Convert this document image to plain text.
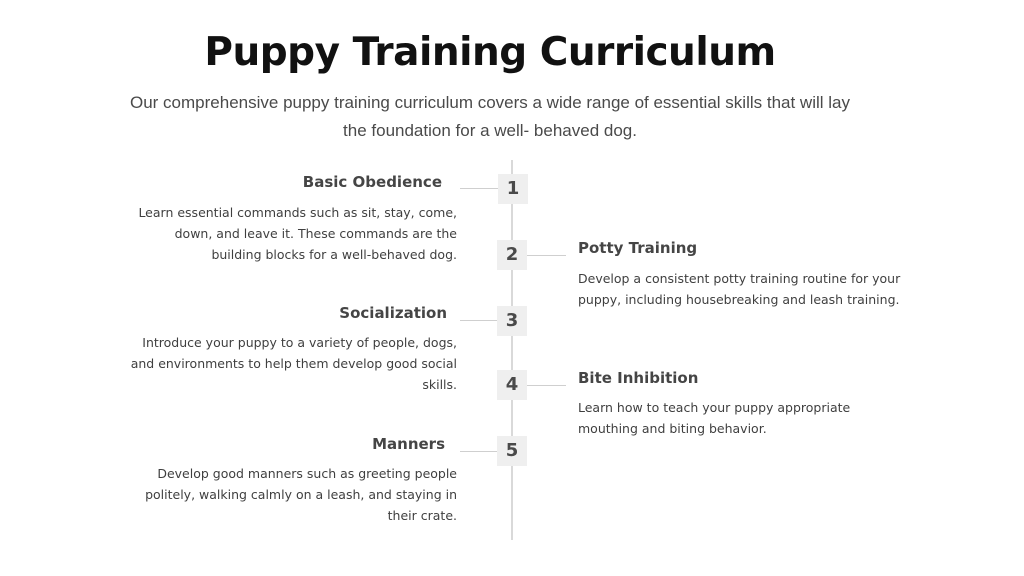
Puppy Training Curriculum
Our comprehensive puppy training curriculum covers a wide range of essential skills that will lay the foundation for a well- behaved dog.
1
Basic Obedience
Learn essential commands such as sit, stay, come, down, and leave it. These commands are the building blocks for a well-behaved dog.	2	Potty Training
Develop a consistent potty training routine for your puppy, including housebreaking and leash training.
3
Socialization
Introduce your puppy to a variety of people, dogs, and environments to help them develop good social skills.	4	Bite Inhibition
Learn how to teach your puppy appropriate mouthing and biting behavior.
5
Manners
Develop good manners such as greeting people politely, walking calmly on a leash, and staying in their crate.
